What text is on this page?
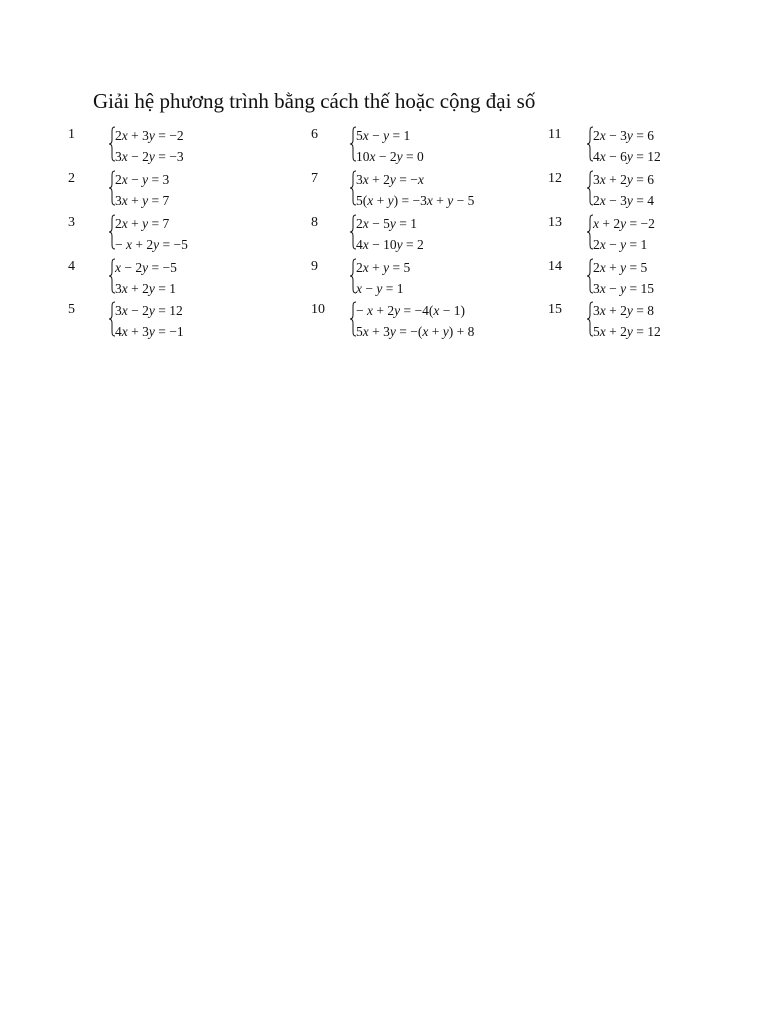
Giải hệ phương trình bằng cách thế hoặc cộng đại số
1	2x + 3y = −2
3x − 2y = −3
2	2x − y = 3
3x + y = 7
3	2x + y = 7
− x + 2y = −5
4	x − 2y = −5
3x + 2y = 1
5	3x − 2y = 12
4x + 3y = −1
6	5x − y = 1
10x − 2y = 0
7	3x + 2y = −x
5(x + y) = −3x + y − 5
8	2x − 5y = 1
4x − 10y = 2
9	2x + y = 5
x − y = 1
10 − x + 2y = −4(x − 1)
5x + 3y = −(x + y) + 8
11 2x − 3y = 6
4x − 6y = 12
12 3x + 2y = 6
2x − 3y = 4
13 x + 2y = −2
2x − y = 1
14 2x + y = 5
3x − y = 15
15 3x + 2y = 8
5x + 2y = 12
